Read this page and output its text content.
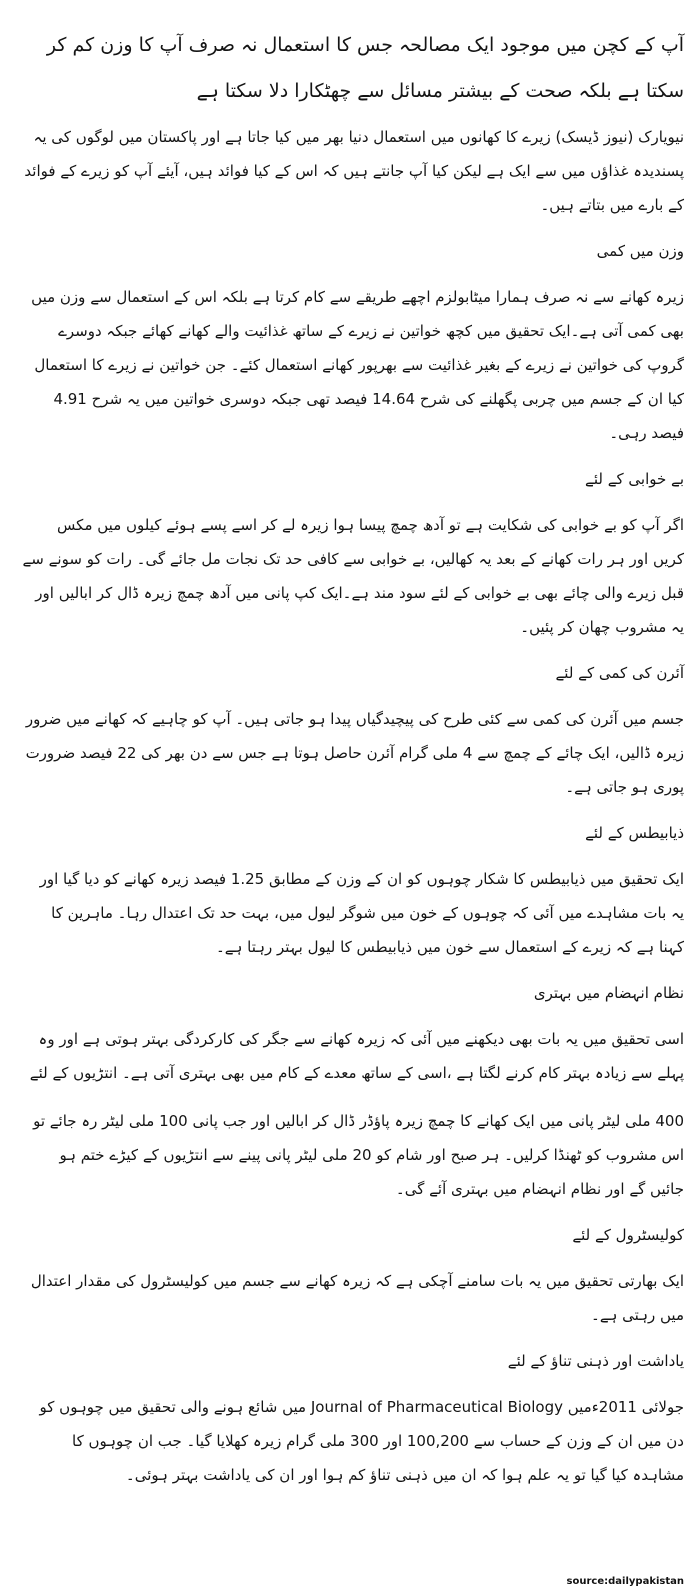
آپ کے کچن میں موجود ایک مصالحہ جس کا استعمال نہ صرف آپ کا وزن کم کر سکتا ہے بلکہ صحت کے بیشتر مسائل سے چھٹکارا دلا سکتا ہے

نیویارک (نیوز ڈیسک) زیرے کا کھانوں میں استعمال دنیا بھر میں کیا جاتا ہے اور پاکستان میں لوگوں کی یہ پسندیدہ غذاﺅں میں سے ایک ہے لیکن کیا آپ جانتے ہیں کہ اس کے کیا فوائد ہیں، آیئے آپ کو زیرے کے فوائد کے بارے میں بتاتے ہیں۔

وزن میں کمی

زیرہ کھانے سے نہ صرف ہمارا میٹابولزم اچھے طریقے سے کام کرتا ہے بلکہ اس کے استعمال سے وزن میں بھی کمی آتی ہے۔ایک تحقیق میں کچھ خواتین نے زیرے کے ساتھ غذائیت والے کھانے کھائے جبکہ دوسرے گروپ کی خواتین نے زیرے کے بغیر غذائیت سے بھرپور کھانے استعمال کئے۔ جن خواتین نے زیرے کا استعمال کیا ان کے جسم میں چربی پگھلنے کی شرح 14.64 فیصد تھی جبکہ دوسری خواتین میں یہ شرح 4.91 فیصد رہی۔

بے خوابی کے لئے

اگر آپ کو بے خوابی کی شکایت ہے تو آدھ چمچ پیسا ہوا زیرہ لے کر اسے پسے ہوئے کیلوں میں مکس کریں اور ہر رات کھانے کے بعد یہ کھالیں، بے خوابی سے کافی حد تک نجات مل جائے گی۔ رات کو سونے سے قبل زیرے والی چائے بھی بے خوابی کے لئے سود مند ہے۔ایک کپ پانی میں آدھ چمچ زیرہ ڈال کر ابالیں اور یہ مشروب چھان کر پئیں۔

آئرن کی کمی کے لئے

جسم میں آئرن کی کمی سے کئی طرح کی پیچیدگیاں پیدا ہو جاتی ہیں۔ آپ کو چاہیے کہ کھانے میں ضرور زیرہ ڈالیں، ایک چائے کے چمچ سے 4 ملی گرام آئرن حاصل ہوتا ہے جس سے دن بھر کی 22 فیصد ضرورت پوری ہو جاتی ہے۔

ذیابیطس کے لئے

ایک تحقیق میں ذیابیطس کا شکار چوہوں کو ان کے وزن کے مطابق 1.25 فیصد زیرہ کھانے کو دیا گیا اور یہ بات مشاہدے میں آئی کہ چوہوں کے خون میں شوگر لیول میں، بہت حد تک اعتدال رہا۔ ماہرین کا کہنا ہے کہ زیرے کے استعمال سے خون میں ذیابیطس کا لیول بہتر رہتا ہے۔

نظام انہضام میں بہتری

اسی تحقیق میں یہ بات بھی دیکھنے میں آئی کہ زیرہ کھانے سے جگر کی کارکردگی بہتر ہوتی ہے اور وہ پہلے سے زیادہ بہتر کام کرنے لگتا ہے ،اسی کے ساتھ معدے کے کام میں بھی بہتری آتی ہے۔ انتڑیوں کے لئے

400 ملی لیٹر پانی میں ایک کھانے کا چمچ زیرہ پاﺅڈر ڈال کر ابالیں اور جب پانی 100 ملی لیٹر رہ جائے تو اس مشروب کو ٹھنڈا کرلیں۔ ہر صبح اور شام کو 20 ملی لیٹر پانی پینے سے انتڑیوں کے کیڑے ختم ہو جائیں گے اور نظام انہضام میں بہتری آئے گی۔

کولیسٹرول کے لئے

ایک بھارتی تحقیق میں یہ بات سامنے آچکی ہے کہ زیرہ کھانے سے جسم میں کولیسٹرول کی مقدار اعتدال میں رہتی ہے۔

یاداشت اور ذہنی تناﺅ کے لئے

جولائی 2011ءمیں Journal of Pharmaceutical Biology میں شائع ہونے والی تحقیق میں چوہوں کو دن میں ان کے وزن کے حساب سے 100,200 اور 300 ملی گرام زیرہ کھلایا گیا۔ جب ان چوہوں کا مشاہدہ کیا گیا تو یہ علم ہوا کہ ان میں ذہنی تناﺅ کم ہوا اور ان کی یاداشت بہتر ہوئی۔

source:dailypakistan
